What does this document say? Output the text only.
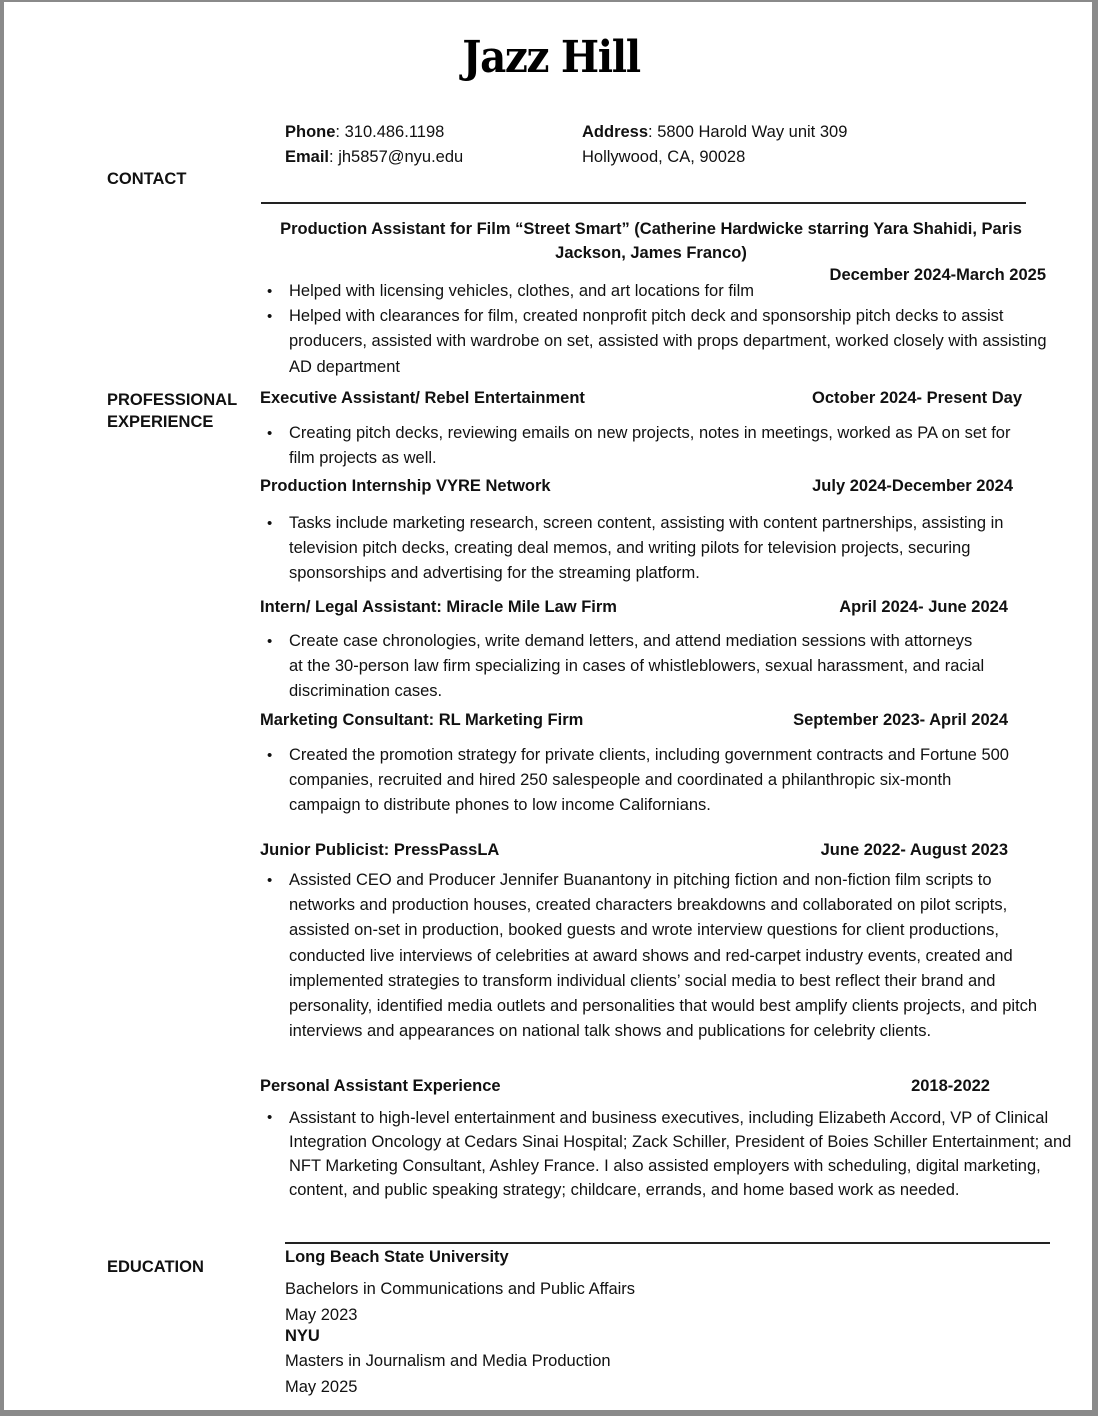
Jazz Hill
CONTACT
Phone: 310.486.1198
Email: jh5857@nyu.edu
Address: 5800 Harold Way unit 309
Hollywood, CA, 90028
PROFESSIONAL
EXPERIENCE
Production Assistant for Film “Street Smart” (Catherine Hardwicke starring Yara Shahidi, Paris Jackson, James Franco)
December 2024-March 2025
• Helped with licensing vehicles, clothes, and art locations for film
• Helped with clearances for film, created nonprofit pitch deck and sponsorship pitch decks to assist producers, assisted with wardrobe on set, assisted with props department, worked closely with assisting AD department
Executive Assistant/ Rebel Entertainment	October 2024- Present Day
• Creating pitch decks, reviewing emails on new projects, notes in meetings, worked as PA on set for film projects as well.
Production Internship VYRE Network	July 2024-December 2024
• Tasks include marketing research, screen content, assisting with content partnerships, assisting in television pitch decks, creating deal memos, and writing pilots for television projects, securing sponsorships and advertising for the streaming platform.
Intern/ Legal Assistant: Miracle Mile Law Firm	April 2024- June 2024
• Create case chronologies, write demand letters, and attend mediation sessions with attorneys at the 30-person law firm specializing in cases of whistleblowers, sexual harassment, and racial discrimination cases.
Marketing Consultant: RL Marketing Firm	September 2023- April 2024
• Created the promotion strategy for private clients, including government contracts and Fortune 500 companies, recruited and hired 250 salespeople and coordinated a philanthropic six-month campaign to distribute phones to low income Californians.
Junior Publicist: PressPassLA	June 2022- August 2023
• Assisted CEO and Producer Jennifer Buanantony in pitching fiction and non-fiction film scripts to networks and production houses, created characters breakdowns and collaborated on pilot scripts, assisted on-set in production, booked guests and wrote interview questions for client productions, conducted live interviews of celebrities at award shows and red-carpet industry events, created and implemented strategies to transform individual clients’ social media to best reflect their brand and personality, identified media outlets and personalities that would best amplify clients projects, and pitch interviews and appearances on national talk shows and publications for celebrity clients.
Personal Assistant Experience	2018-2022
• Assistant to high-level entertainment and business executives, including Elizabeth Accord, VP of Clinical Integration Oncology at Cedars Sinai Hospital; Zack Schiller, President of Boies Schiller Entertainment; and NFT Marketing Consultant, Ashley France. I also assisted employers with scheduling, digital marketing, content, and public speaking strategy; childcare, errands, and home based work as needed.
EDUCATION
Long Beach State University
Bachelors in Communications and Public Affairs
May 2023
NYU
Masters in Journalism and Media Production
May 2025
